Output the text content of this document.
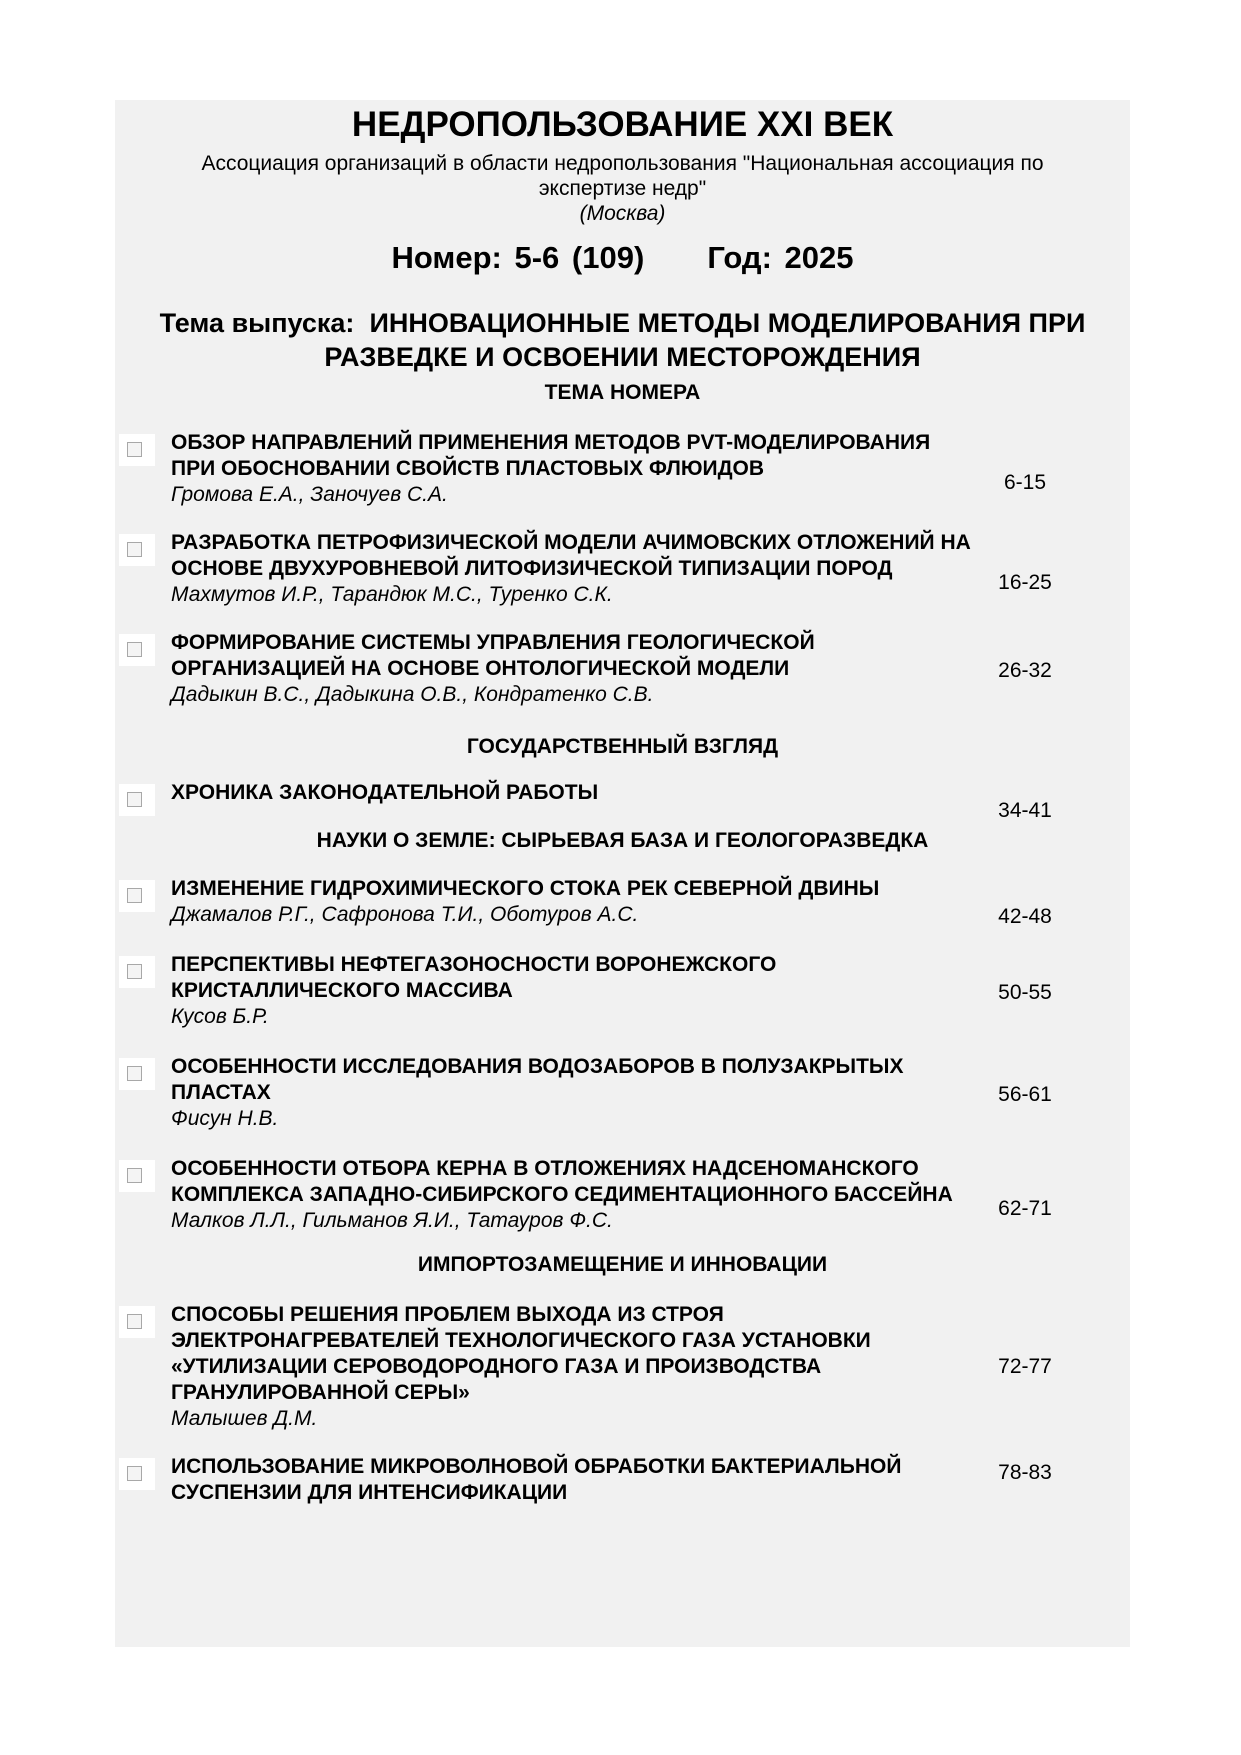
НЕДРОПОЛЬЗОВАНИЕ XXI ВЕК
Ассоциация организаций в области недропользования "Национальная ассоциация по экспертизе недр"
(Москва)
Номер: 5-6 (109) Год: 2025
Тема выпуска: ИННОВАЦИОННЫЕ МЕТОДЫ МОДЕЛИРОВАНИЯ ПРИ РАЗВЕДКЕ И ОСВОЕНИИ МЕСТОРОЖДЕНИЯ
ТЕМА НОМЕРА
ОБЗОР НАПРАВЛЕНИЙ ПРИМЕНЕНИЯ МЕТОДОВ PVT-МОДЕЛИРОВАНИЯ ПРИ ОБОСНОВАНИИ СВОЙСТВ ПЛАСТОВЫХ ФЛЮИДОВ
Громова Е.А., Заночуев С.А.
6-15
РАЗРАБОТКА ПЕТРОФИЗИЧЕСКОЙ МОДЕЛИ АЧИМОВСКИХ ОТЛОЖЕНИЙ НА ОСНОВЕ ДВУХУРОВНЕВОЙ ЛИТОФИЗИЧЕСКОЙ ТИПИЗАЦИИ ПОРОД
Махмутов И.Р., Тарандюк М.С., Туренко С.К.
16-25
ФОРМИРОВАНИЕ СИСТЕМЫ УПРАВЛЕНИЯ ГЕОЛОГИЧЕСКОЙ ОРГАНИЗАЦИЕЙ НА ОСНОВЕ ОНТОЛОГИЧЕСКОЙ МОДЕЛИ
Дадыкин В.С., Дадыкина О.В., Кондратенко С.В.
26-32
ГОСУДАРСТВЕННЫЙ ВЗГЛЯД
ХРОНИКА ЗАКОНОДАТЕЛЬНОЙ РАБОТЫ
34-41
НАУКИ О ЗЕМЛЕ: СЫРЬЕВАЯ БАЗА И ГЕОЛОГОРАЗВЕДКА
ИЗМЕНЕНИЕ ГИДРОХИМИЧЕСКОГО СТОКА РЕК СЕВЕРНОЙ ДВИНЫ
Джамалов Р.Г., Сафронова Т.И., Оботуров А.С.	42-48
ПЕРСПЕКТИВЫ НЕФТЕГАЗОНОСНОСТИ ВОРОНЕЖСКОГО КРИСТАЛЛИЧЕСКОГО МАССИВА
Кусов Б.Р.
50-55
ОСОБЕННОСТИ ИССЛЕДОВАНИЯ ВОДОЗАБОРОВ В ПОЛУЗАКРЫТЫХ ПЛАСТАХ
Фисун Н.В.
56-61
ОСОБЕННОСТИ ОТБОРА КЕРНА В ОТЛОЖЕНИЯХ НАДСЕНОМАНСКОГО КОМПЛЕКСА ЗАПАДНО-СИБИРСКОГО СЕДИМЕНТАЦИОННОГО БАССЕЙНА
Малков Л.Л., Гильманов Я.И., Татауров Ф.С.
62-71
ИМПОРТОЗАМЕЩЕНИЕ И ИННОВАЦИИ
СПОСОБЫ РЕШЕНИЯ ПРОБЛЕМ ВЫХОДА ИЗ СТРОЯ ЭЛЕКТРОНАГРЕВАТЕЛЕЙ ТЕХНОЛОГИЧЕСКОГО ГАЗА УСТАНОВКИ «УТИЛИЗАЦИИ СЕРОВОДОРОДНОГО ГАЗА И ПРОИЗВОДСТВА ГРАНУЛИРОВАННОЙ СЕРЫ»
Малышев Д.М.
72-77
ИСПОЛЬЗОВАНИЕ МИКРОВОЛНОВОЙ ОБРАБОТКИ БАКТЕРИАЛЬНОЙ СУСПЕНЗИИ ДЛЯ ИНТЕНСИФИКАЦИИ
78-83
